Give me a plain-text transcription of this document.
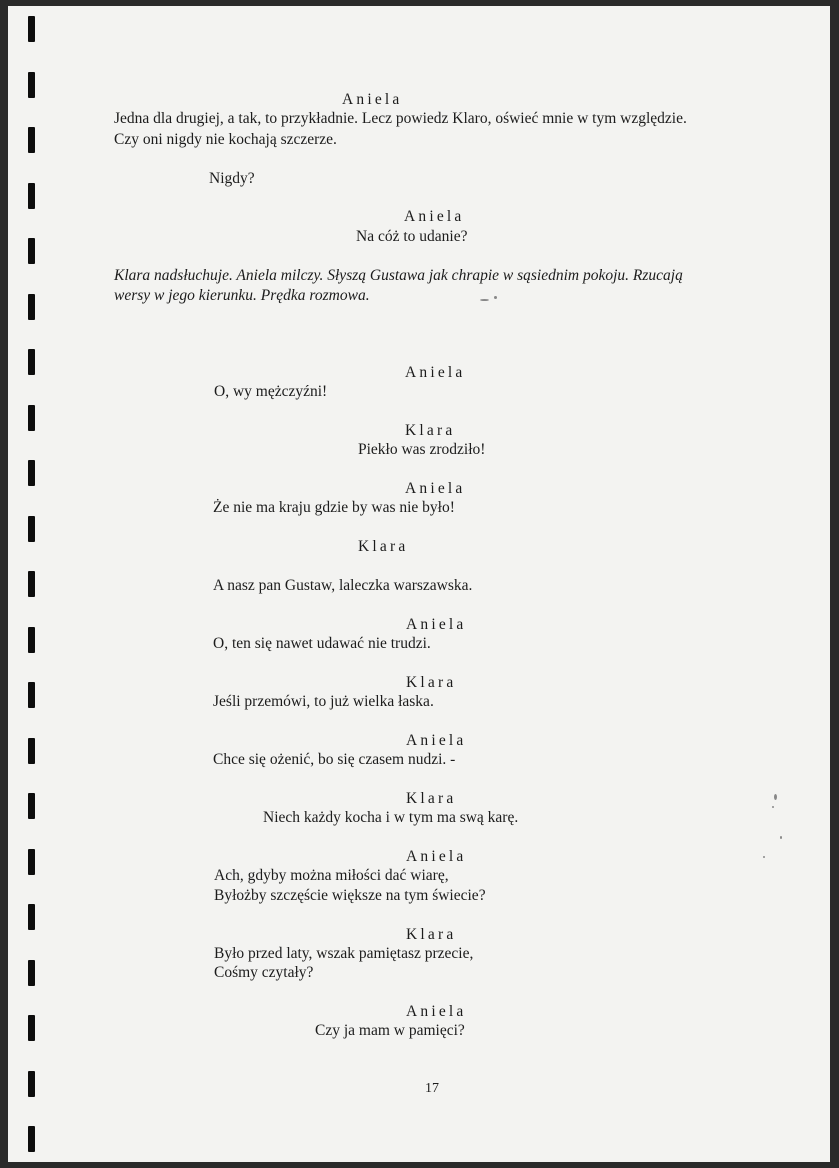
Aniela
Jedna dla drugiej, a tak, to przykładnie. Lecz powiedz Klaro, oświeć mnie w tym względzie.
Czy oni nigdy nie kochają szczerze.
Nigdy?
Aniela
Na cóż to udanie?
Klara nadsłuchuje. Aniela milczy. Słyszą Gustawa jak chrapie w sąsiednim pokoju. Rzucają
wersy w jego kierunku. Prędka rozmowa.
Aniela
O, wy mężczyźni!
Klara
Piekło was zrodziło!
Aniela
Że nie ma kraju gdzie by was nie było!
Klara
A nasz pan Gustaw, laleczka warszawska.
Aniela
O, ten się nawet udawać nie trudzi.
Klara
Jeśli przemówi, to już wielka łaska.
Aniela
Chce się ożenić, bo się czasem nudzi. -
Klara
Niech każdy kocha i w tym ma swą karę.
Aniela
Ach, gdyby można miłości dać wiarę,
Byłożby szczęście większe na tym świecie?
Klara
Było przed laty, wszak pamiętasz przecie,
Cośmy czytały?
Aniela
Czy ja mam w pamięci?
17
